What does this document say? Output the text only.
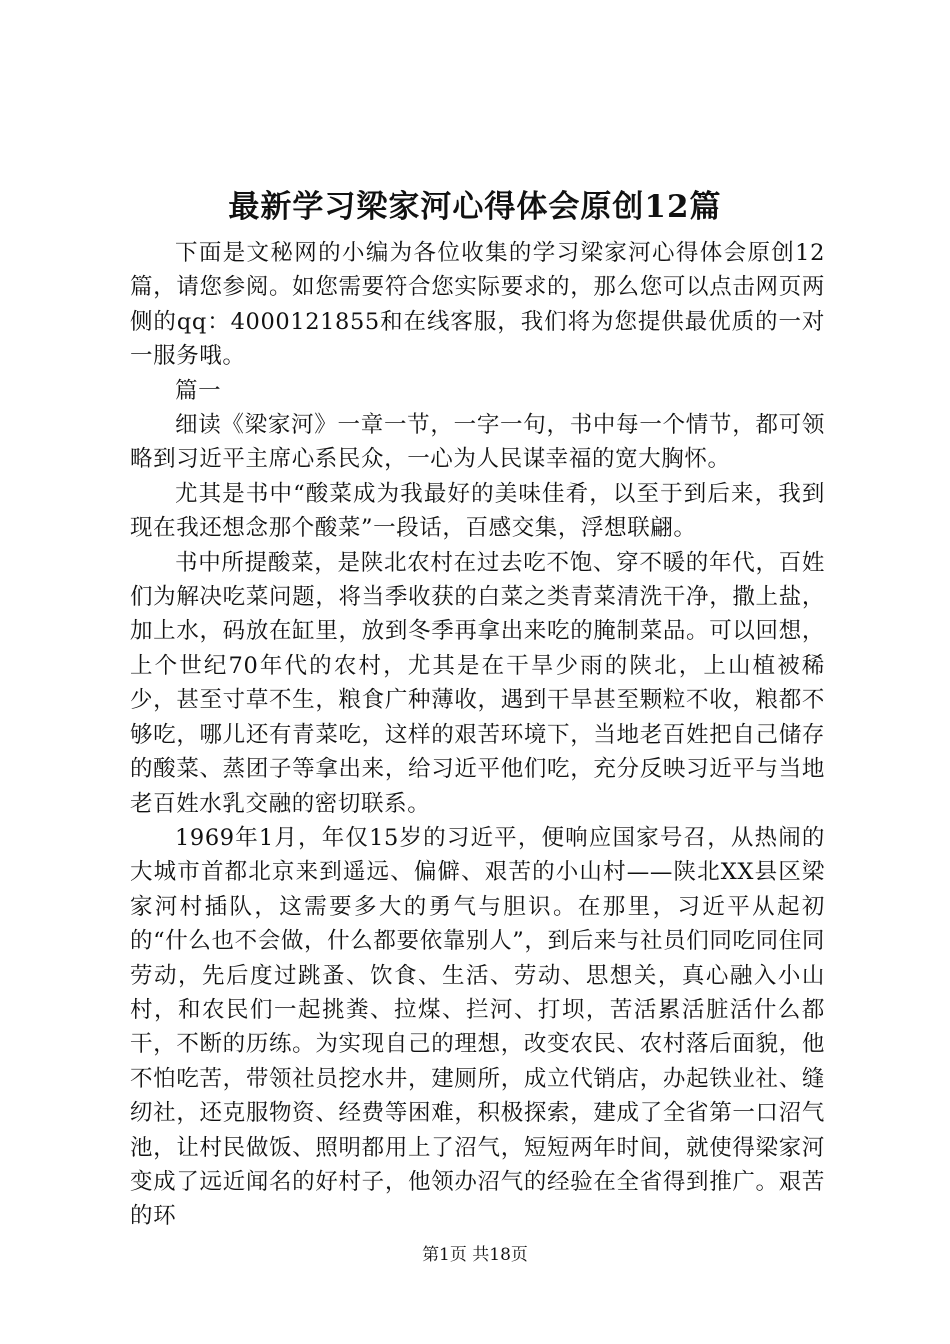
最新学习梁家河心得体会原创12篇

下面是文秘网的小编为各位收集的学习梁家河心得体会原创12篇，请您参阅。如您需要符合您实际要求的，那么您可以点击网页两侧的qq：4000121855和在线客服，我们将为您提供最优质的一对一服务哦。

篇一

细读《梁家河》一章一节，一字一句，书中每一个情节，都可领略到习近平主席心系民众，一心为人民谋幸福的宽大胸怀。

尤其是书中“酸菜成为我最好的美味佳肴，以至于到后来，我到现在我还想念那个酸菜”一段话，百感交集，浮想联翩。

书中所提酸菜，是陕北农村在过去吃不饱、穿不暖的年代，百姓们为解决吃菜问题，将当季收获的白菜之类青菜清洗干净，撒上盐，加上水，码放在缸里，放到冬季再拿出来吃的腌制菜品。可以回想，上个世纪70年代的农村，尤其是在干旱少雨的陕北，上山植被稀少，甚至寸草不生，粮食广种薄收，遇到干旱甚至颗粒不收，粮都不够吃，哪儿还有青菜吃，这样的艰苦环境下，当地老百姓把自己储存的酸菜、蒸团子等拿出来，给习近平他们吃，充分反映习近平与当地老百姓水乳交融的密切联系。

1969年1月，年仅15岁的习近平，便响应国家号召，从热闹的大城市首都北京来到遥远、偏僻、艰苦的小山村——陕北XX县区梁家河村插队，这需要多大的勇气与胆识。在那里，习近平从起初的“什么也不会做，什么都要依靠别人”，到后来与社员们同吃同住同劳动，先后度过跳蚤、饮食、生活、劳动、思想关，真心融入小山村，和农民们一起挑粪、拉煤、拦河、打坝，苦活累活脏活什么都干，不断的历练。为实现自己的理想，改变农民、农村落后面貌，他不怕吃苦，带领社员挖水井，建厕所，成立代销店，办起铁业社、缝纫社，还克服物资、经费等困难，积极探索，建成了全省第一口沼气池，让村民做饭、照明都用上了沼气，短短两年时间，就使得梁家河变成了远近闻名的好村子，他领办沼气的经验在全省得到推广。艰苦的环

第1页 共18页
